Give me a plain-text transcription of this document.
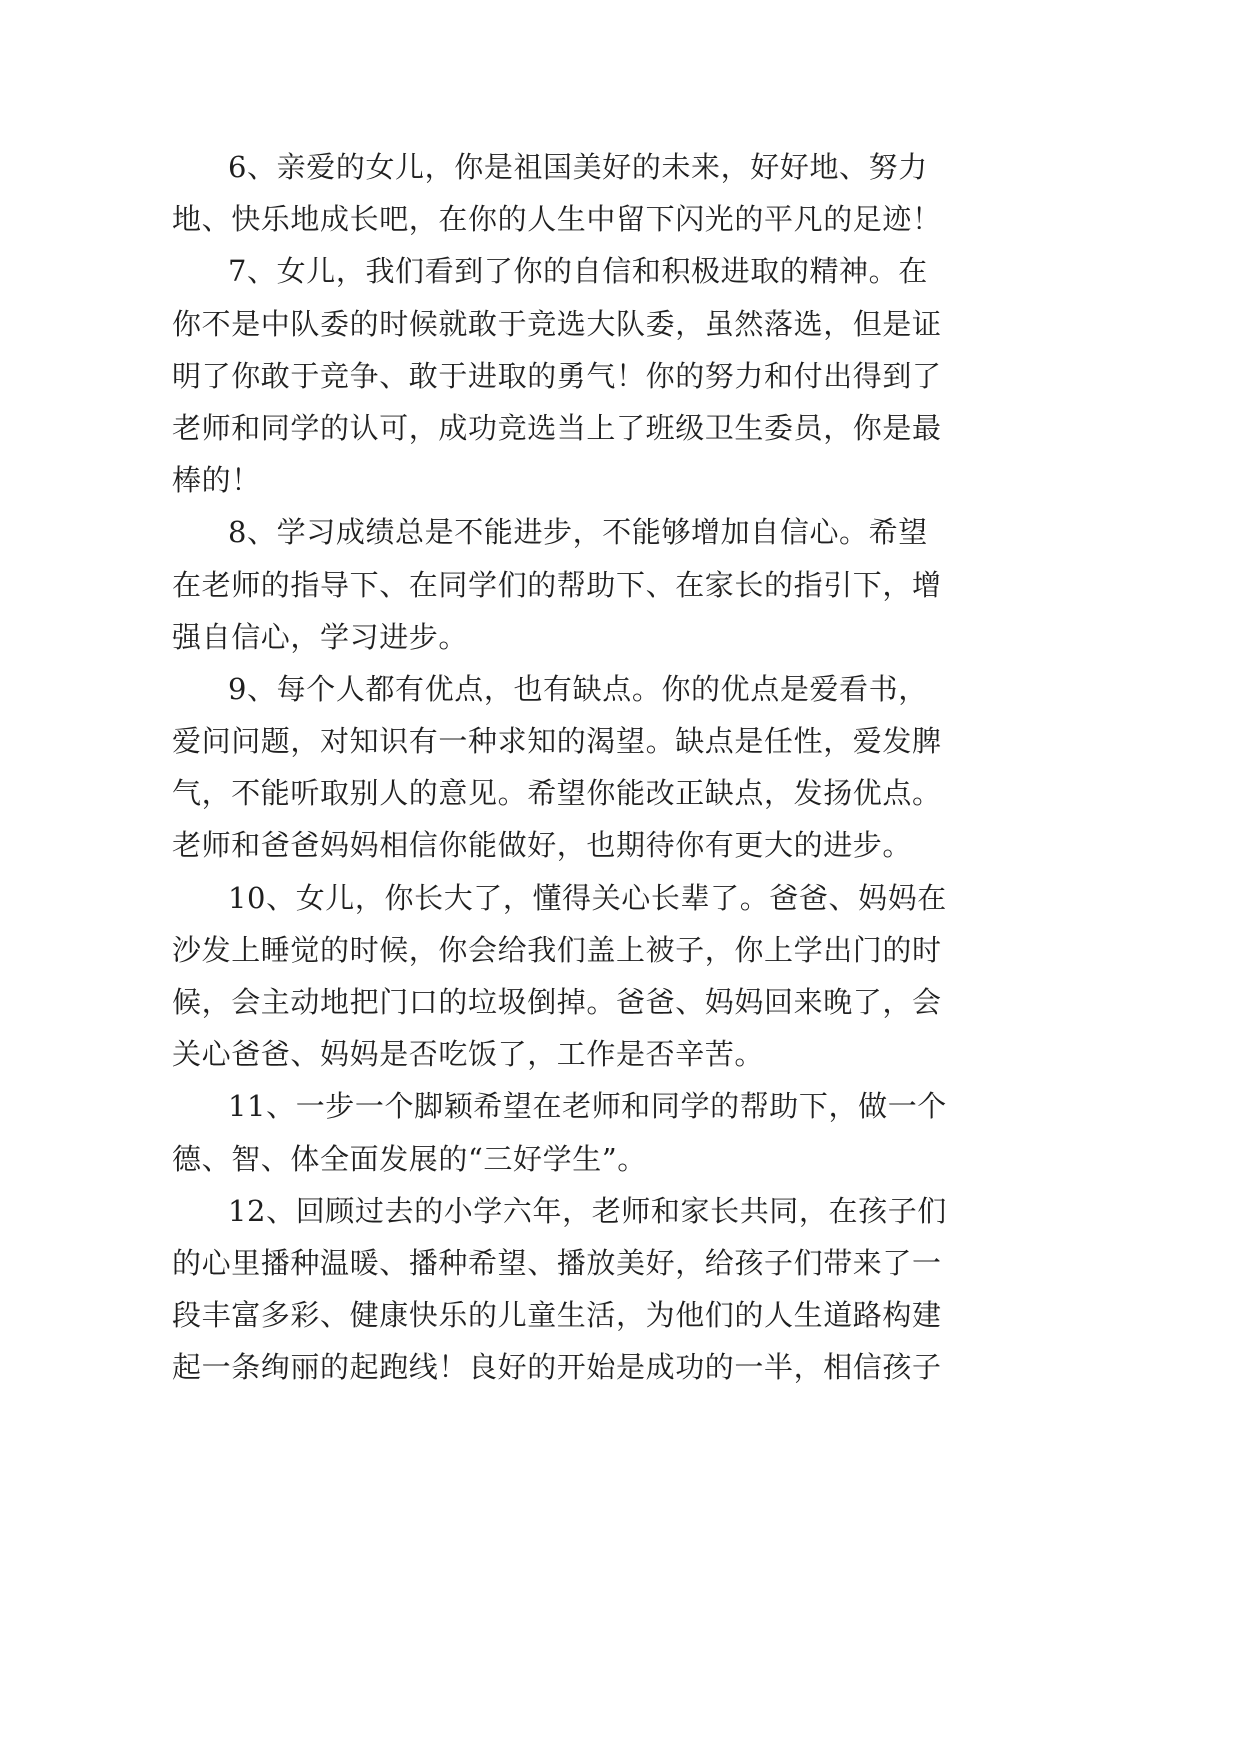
6、亲爱的女儿，你是祖国美好的未来，好好地、努力
地、快乐地成长吧，在你的人生中留下闪光的平凡的足迹！
7、女儿，我们看到了你的自信和积极进取的精神。在
你不是中队委的时候就敢于竞选大队委，虽然落选，但是证
明了你敢于竞争、敢于进取的勇气！你的努力和付出得到了
老师和同学的认可，成功竞选当上了班级卫生委员，你是最
棒的！
8、学习成绩总是不能进步，不能够增加自信心。希望
在老师的指导下、在同学们的帮助下、在家长的指引下，增
强自信心，学习进步。
9、每个人都有优点，也有缺点。你的优点是爱看书，
爱问问题，对知识有一种求知的渴望。缺点是任性，爱发脾
气，不能听取别人的意见。希望你能改正缺点，发扬优点。
老师和爸爸妈妈相信你能做好，也期待你有更大的进步。
10、女儿，你长大了，懂得关心长辈了。爸爸、妈妈在
沙发上睡觉的时候，你会给我们盖上被子，你上学出门的时
候，会主动地把门口的垃圾倒掉。爸爸、妈妈回来晚了，会
关心爸爸、妈妈是否吃饭了，工作是否辛苦。
11、一步一个脚颖希望在老师和同学的帮助下，做一个
德、智、体全面发展的“三好学生”。
12、回顾过去的小学六年，老师和家长共同，在孩子们
的心里播种温暖、播种希望、播放美好，给孩子们带来了一
段丰富多彩、健康快乐的儿童生活，为他们的人生道路构建
起一条绚丽的起跑线！良好的开始是成功的一半，相信孩子
